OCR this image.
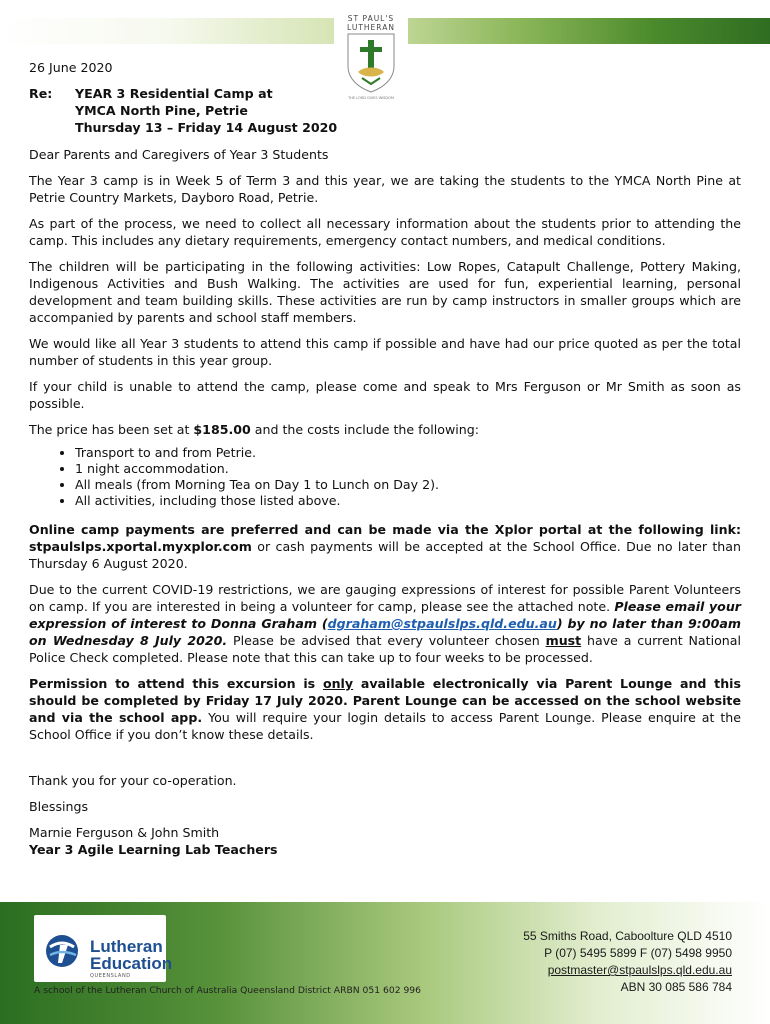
ST PAUL'S
LUTHERAN
THE LORD GIVES WISDOM
26 June 2020
Re:	YEAR 3 Residential Camp at
YMCA North Pine, Petrie
Thursday 13 – Friday 14 August 2020

Dear Parents and Caregivers of Year 3 Students

The Year 3 camp is in Week 5 of Term 3 and this year, we are taking the students to the YMCA North Pine at Petrie Country Markets, Dayboro Road, Petrie.

As part of the process, we need to collect all necessary information about the students prior to attending the camp. This includes any dietary requirements, emergency contact numbers, and medical conditions.

The children will be participating in the following activities: Low Ropes, Catapult Challenge, Pottery Making, Indigenous Activities and Bush Walking. The activities are used for fun, experiential learning, personal development and team building skills. These activities are run by camp instructors in smaller groups which are accompanied by parents and school staff members.

We would like all Year 3 students to attend this camp if possible and have had our price quoted as per the total number of students in this year group.

If your child is unable to attend the camp, please come and speak to Mrs Ferguson or Mr Smith as soon as possible.

The price has been set at $185.00 and the costs include the following:

• Transport to and from Petrie.
• 1 night accommodation.
• All meals (from Morning Tea on Day 1 to Lunch on Day 2).
• All activities, including those listed above.

Online camp payments are preferred and can be made via the Xplor portal at the following link: stpaulslps.xportal.myxplor.com or cash payments will be accepted at the School Office. Due no later than Thursday 6 August 2020.

Due to the current COVID-19 restrictions, we are gauging expressions of interest for possible Parent Volunteers on camp. If you are interested in being a volunteer for camp, please see the attached note. Please email your expression of interest to Donna Graham (dgraham@stpaulslps.qld.edu.au) by no later than 9:00am on Wednesday 8 July 2020. Please be advised that every volunteer chosen must have a current National Police Check completed. Please note that this can take up to four weeks to be processed.

Permission to attend this excursion is only available electronically via Parent Lounge and this should be completed by Friday 17 July 2020. Parent Lounge can be accessed on the school website and via the school app. You will require your login details to access Parent Lounge. Please enquire at the School Office if you don’t know these details.

Thank you for your co-operation.

Blessings

Marnie Ferguson & John Smith
Year 3 Agile Learning Lab Teachers
Lutheran
Education
QUEENSLAND
A school of the Lutheran Church of Australia Queensland District ARBN 051 602 996
55 Smiths Road, Caboolture QLD 4510
P (07) 5495 5899 F (07) 5498 9950
postmaster@stpaulslps.qld.edu.au
ABN 30 085 586 784
